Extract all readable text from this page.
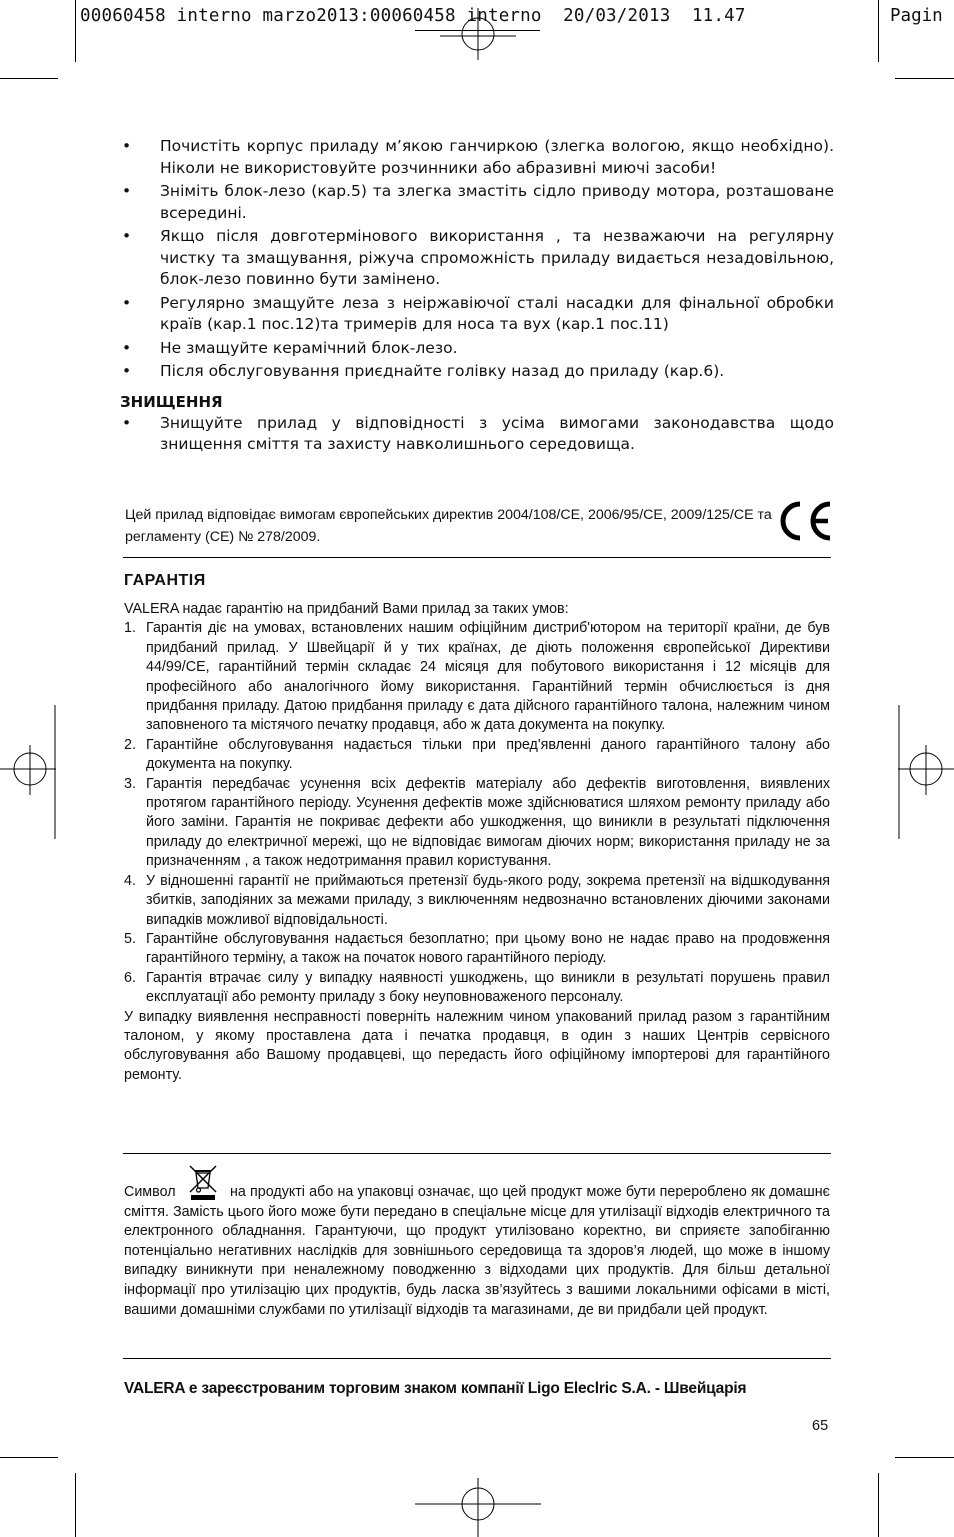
00060458 interno marzo2013:00060458 interno  20/03/2013  11.47	Pagin
• Почистіть корпус приладу м’якою ганчиркою (злегка вологою, якщо необхідно). Ніколи не використовуйте розчинники або абразивні миючі засоби!
• Зніміть блок-лезо (кар.5) та злегка змастіть сідло приводу мотора, розташоване всередині.
• Якщо після довготермінового використання , та незважаючи на регулярну чистку та змащування, ріжуча спроможність приладу видається незадовільною, блок-лезо повинно бути замінено.
• Регулярно змащуйте леза з неіржавіючої сталі насадки для фінальної обробки країв (кар.1 пос.12)та тримерів для носа та вух (кар.1 пос.11)
• Не змащуйте керамічний блок-лезо.
• Після обслуговування приєднайте голівку назад до приладу (кар.6).
ЗНИЩЕННЯ
• Знищуйте прилад у відповідності з усіма вимогами законодавства щодо знищення сміття та захисту навколишнього середовища.
Цей прилад відповідає вимогам європейських директив 2004/108/CE, 2006/95/CE, 2009/125/CE та регламенту (CE) № 278/2009.
ГАРАНТІЯ

VALERA надає гарантію на придбаний Вами прилад за таких умов:

1. Гарантія діє на умовах, встановлених нашим офіційним дистриб'ютором на території країни, де був придбаний прилад. У Швейцарії й у тих країнах, де діють положення європейської Директиви 44/99/CE, гарантійний термін складає 24 місяця для побутового використання і 12 місяців для професійного або аналогічного йому використання. Гарантійний термін обчислюється із дня придбання приладу. Датою придбання приладу є дата дійсного гарантійного талона, належним чином заповненого та містячого печатку продавця, або ж дата документа на покупку.
2. Гарантійне обслуговування надається тільки при пред'явленні даного гарантійного талону або документа на покупку.
3. Гарантія передбачає усунення всіх дефектів матеріалу або дефектів виготовлення, виявлених протягом гарантійного періоду. Усунення дефектів може здійснюватися шляхом ремонту приладу або його заміни. Гарантія не покриває дефекти або ушкодження, що виникли в результаті підключення приладу до електричної мережі, що не відповідає вимогам діючих норм; використання приладу не за призначенням , а також недотримання правил користування.
4. У відношенні гарантії не приймаються претензії будь-якого роду, зокрема претензії на відшкодування збитків, заподіяних за межами приладу, з виключенням недвозначно встановлених діючими законами випадків можливої відповідальності.
5. Гарантійне обслуговування надається безоплатно; при цьому воно не надає право на продовження гарантійного терміну, а також на початок нового гарантійного періоду.
6. Гарантія втрачає силу у випадку наявності ушкоджень, що виникли в результаті порушень правил експлуатації або ремонту приладу з боку неуповноваженого персоналу.

У випадку виявлення несправності поверніть належним чином упакований прилад разом з гарантійним талоном, у якому проставлена дата і печатка продавця, в один з наших Центрів сервісного обслуговування або Вашому продавцеві, що передасть його офіційному імпортерові для гарантійного ремонту.

Символ	на продукті або на упаковці означає, що цей продукт може бути перероблено як домашнє сміття. Замість цього його може бути передано в спеціальне місце для утилізації відходів електричного та електронного обладнання. Гарантуючи, що продукт утилізовано коректно, ви сприяєте запобіганню потенціально негативних наслідків для зовнішнього середовища та здоров’я людей, що може в іншому випадку виникнути при неналежному поводженню з відходами цих продуктів. Для більш детальної інформації про утилізацію цих продуктів, будь ласка зв’язуйтесь з вашими локальними офісами в місті, вашими домашніми службами по утилізації відходів та магазинами, де ви придбали цей продукт.
VALERA е зареєстрованим торговим знаком компанії Ligo Eleclric S.A. - Швейцарія
65
